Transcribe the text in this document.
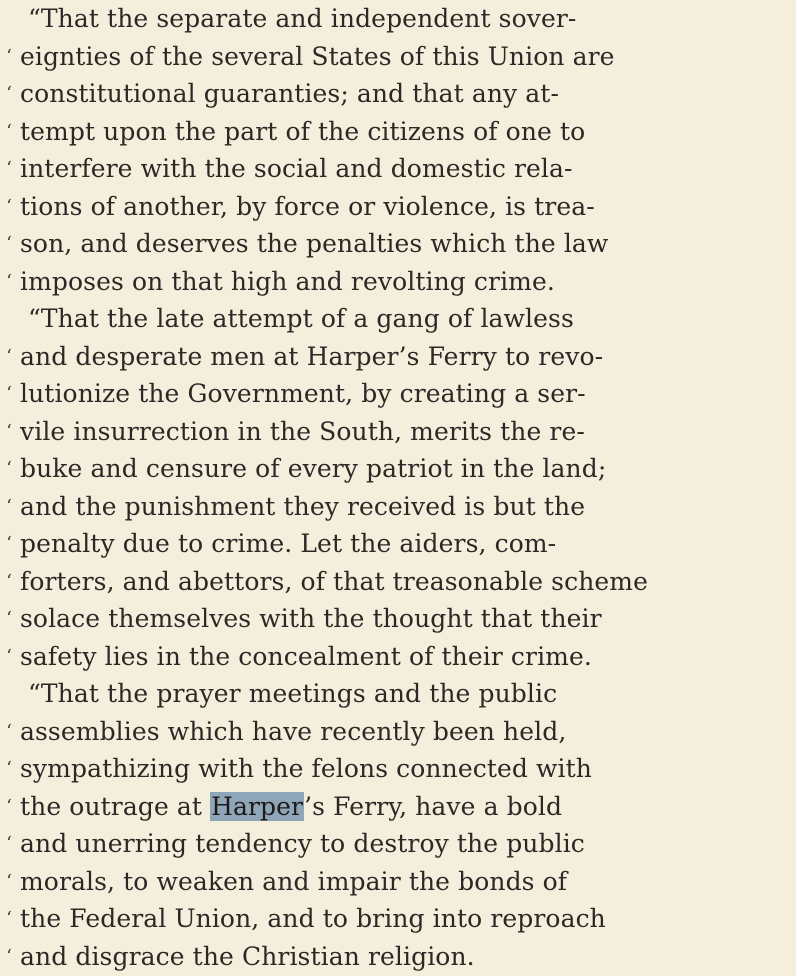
“That the separate and independent sover-
‘ eignties of the several States of this Union are
‘ constitutional guaranties; and that any at-
‘ tempt upon the part of the citizens of one to
‘ interfere with the social and domestic rela-
‘ tions of another, by force or violence, is trea-
‘ son, and deserves the penalties which the law
‘ imposes on that high and revolting crime.
“That the late attempt of a gang of lawless
‘ and desperate men at Harper’s Ferry to revo-
‘ lutionize the Government, by creating a ser-
‘ vile insurrection in the South, merits the re-
‘ buke and censure of every patriot in the land;
‘ and the punishment they received is but the
‘ penalty due to crime. Let the aiders, com-
‘ forters, and abettors, of that treasonable scheme
‘ solace themselves with the thought that their
‘ safety lies in the concealment of their crime.
“That the prayer meetings and the public
‘ assemblies which have recently been held,
‘ sympathizing with the felons connected with
‘ the outrage at Harper’s Ferry, have a bold
‘ and unerring tendency to destroy the public
‘ morals, to weaken and impair the bonds of
‘ the Federal Union, and to bring into reproach
‘ and disgrace the Christian religion.
